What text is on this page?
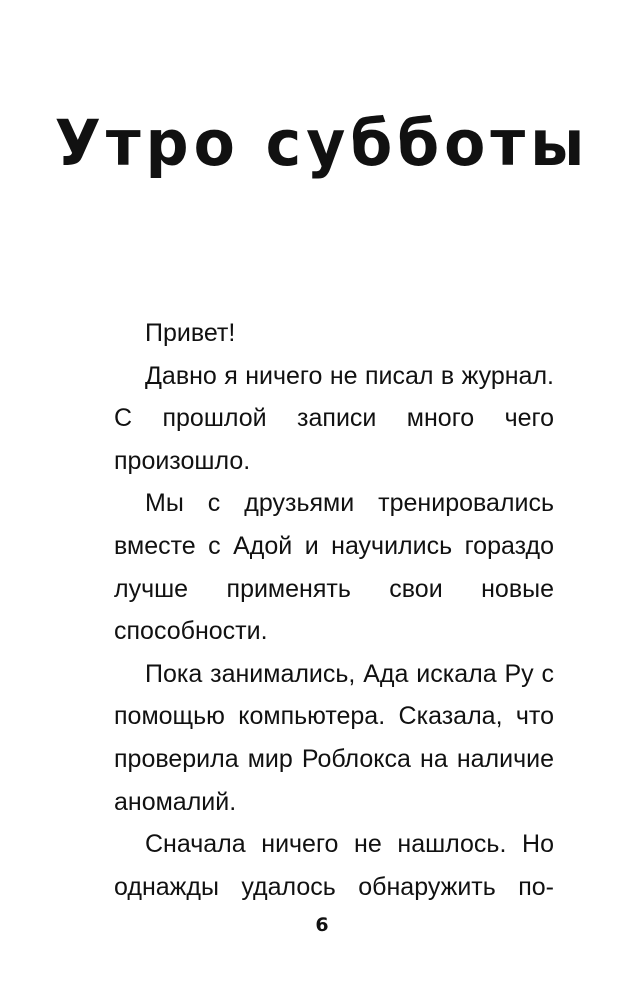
Утро субботы

Привет!

Давно я ничего не писал в журнал. С прошлой записи много чего произошло.

Мы с друзьями тренировались вместе с Адой и научились гораздо лучше применять свои новые способности.

Пока занимались, Ада искала Ру с помощью компьютера. Сказала, что проверила мир Роблокса на наличие аномалий.

Сначала ничего не нашлось. Но однажды удалось обнаружить по-

6
